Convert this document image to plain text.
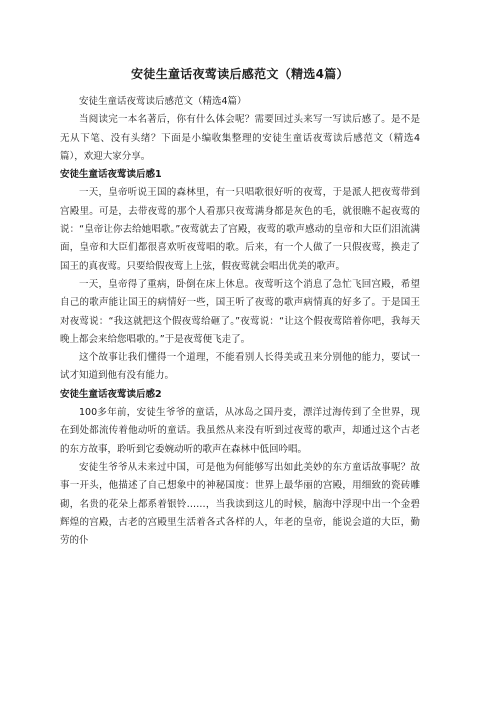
安徒生童话夜莺读后感范文（精选4篇）

安徒生童话夜莺读后感范文（精选4篇）

当阅读完一本名著后，你有什么体会呢？需要回过头来写一写读后感了。是不是无从下笔、没有头绪？下面是小编收集整理的安徒生童话夜莺读后感范文（精选4篇），欢迎大家分享。

安徒生童话夜莺读后感1

一天，皇帝听说王国的森林里，有一只唱歌很好听的夜莺，于是派人把夜莺带到宫殿里。可是，去带夜莺的那个人看那只夜莺满身都是灰色的毛，就很瞧不起夜莺的说：“皇帝让你去给她唱歌。”夜莺就去了宫殿，夜莺的歌声感动的皇帝和大臣们泪流满面，皇帝和大臣们都很喜欢听夜莺唱的歌。后来，有一个人做了一只假夜莺，换走了国王的真夜莺。只要给假夜莺上上弦，假夜莺就会唱出优美的歌声。

一天，皇帝得了重病，卧倒在床上休息。夜莺听这个消息了急忙飞回宫殿，希望自己的歌声能让国王的病情好一些，国王听了夜莺的歌声病情真的好多了。于是国王对夜莺说：“我这就把这个假夜莺给砸了。”夜莺说：“让这个假夜莺陪着你吧，我每天晚上都会来给您唱歌的。”于是夜莺便飞走了。

这个故事让我们懂得一个道理，不能看别人长得美或丑来分别他的能力，要试一试才知道到他有没有能力。

安徒生童话夜莺读后感2

100多年前，安徒生爷爷的童话，从冰岛之国丹麦，漂洋过海传到了全世界，现在到处都流传着他动听的童话。我虽然从来没有听到过夜莺的歌声，却通过这个古老的东方故事，聆听到它委婉动听的歌声在森林中低回吟唱。

安徒生爷爷从未来过中国，可是他为何能够写出如此美妙的东方童话故事呢？故事一开头，他描述了自己想象中的神秘国度：世界上最华丽的宫殿，用细致的瓷砖雕砌，名贵的花朵上都系着银铃……，当我读到这儿的时候，脑海中浮现中出一个金碧辉煌的宫殿，古老的宫殿里生活着各式各样的人，年老的皇帝，能说会道的大臣，勤劳的仆
